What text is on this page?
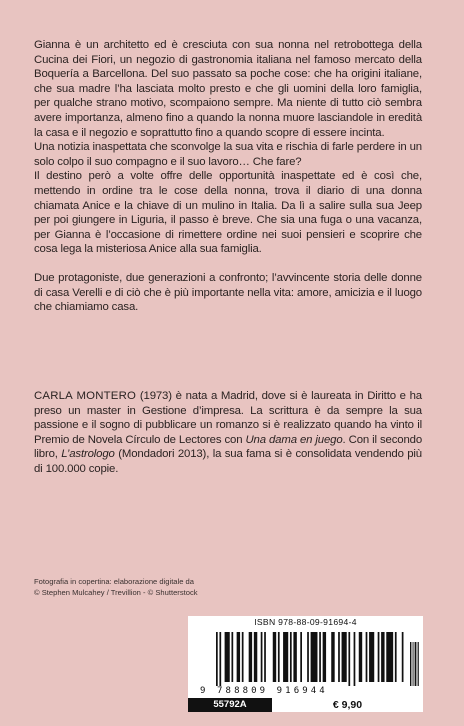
Gianna è un architetto ed è cresciuta con sua nonna nel retrobottega della Cucina dei Fiori, un negozio di gastronomia italiana nel famoso mercato della Boquería a Barcellona. Del suo passato sa poche cose: che ha origini italiane, che sua madre l’ha lasciata molto presto e che gli uomini della loro famiglia, per qualche strano motivo, scompaiono sempre. Ma niente di tutto ciò sembra avere importanza, almeno fino a quando la nonna muore lasciandole in eredità la casa e il negozio e soprattutto fino a quando scopre di essere incinta.

Una notizia inaspettata che sconvolge la sua vita e rischia di farle perdere in un solo colpo il suo compagno e il suo lavoro… Che fare?

Il destino però a volte offre delle opportunità inaspettate ed è così che, mettendo in ordine tra le cose della nonna, trova il diario di una donna chiamata Anice e la chiave di un mulino in Italia. Da lì a salire sulla sua Jeep per poi giungere in Liguria, il passo è breve. Che sia una fuga o una vacanza, per Gianna è l’occasione di rimettere ordine nei suoi pensieri e scoprire che cosa lega la misteriosa Anice alla sua famiglia.

Due protagoniste, due generazioni a confronto; l’avvincente storia delle donne di casa Verelli e di ciò che è più importante nella vita: amore, amicizia e il luogo che chiamiamo casa.

CARLA MONTERO (1973) è nata a Madrid, dove si è laureata in Diritto e ha preso un master in Gestione d’impresa. La scrittura è da sempre la sua passione e il sogno di pubblicare un romanzo si è realizzato quando ha vinto il Premio de Novela Círculo de Lectores con Una dama en juego. Con il secondo libro, L’astrologo (Mondadori 2013), la sua fama si è consolidata vendendo più di 100.000 copie.
Fotografia in copertina: elaborazione digitale da
© Stephen Mulcahey / Trevillion - © Shutterstock
ISBN 978-88-09-91694-4
9 788809 916944
55792A	€ 9,90
